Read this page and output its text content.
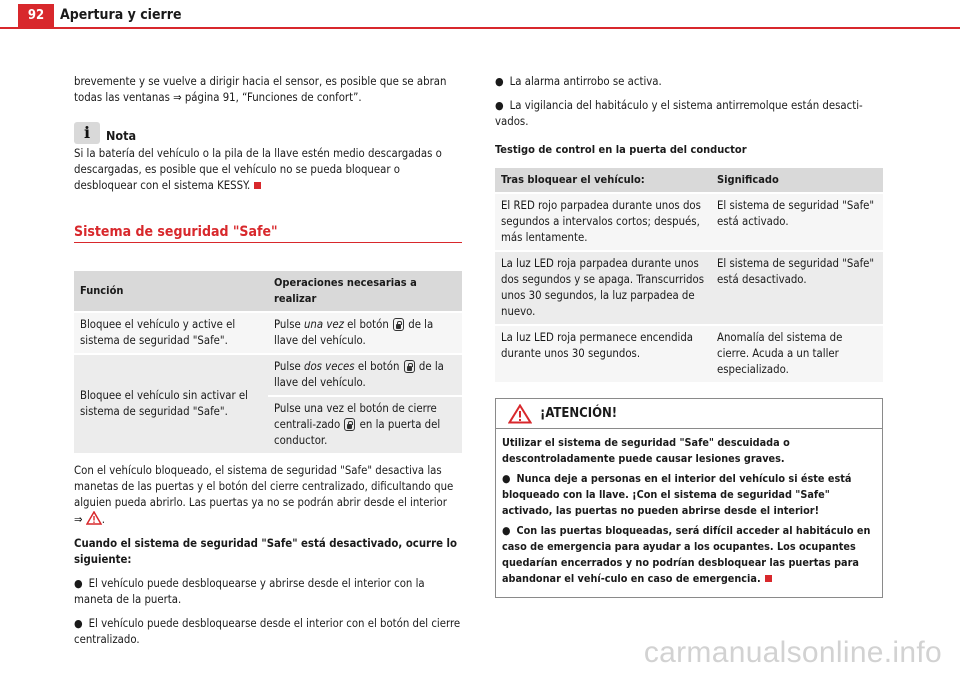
92	Apertura y cierre

brevemente y se vuelve a dirigir hacia el sensor, es posible que se abran todas las ventanas ⇒ página 91, “Funciones de confort”.

i Nota

Si la batería del vehículo o la pila de la llave estén medio descargadas o descargadas, es posible que el vehículo no se pueda bloquear o desbloquear con el sistema KESSY.

Sistema de seguridad "Safe"
Función	Operaciones necesarias a realizar
Bloquee el vehículo y active el sistema de seguridad "Safe".	Pulse una vez el botón  de la llave del vehículo.
Bloquee el vehículo sin activar el sistema de seguridad "Safe".	Pulse dos veces el botón  de la llave del vehículo.
	Pulse una vez el botón de cierre centrali-zado  en la puerta del conductor.

Con el vehículo bloqueado, el sistema de seguridad "Safe" desactiva las manetas de las puertas y el botón del cierre centralizado, dificultando que alguien pueda abrirlo. Las puertas ya no se podrán abrir desde el interior
⇒ .

Cuando el sistema de seguridad "Safe" está desactivado, ocurre lo siguiente:

● El vehículo puede desbloquearse y abrirse desde el interior con la maneta de la puerta.

● El vehículo puede desbloquearse desde el interior con el botón del cierre centralizado.

● La alarma antirrobo se activa.

● La vigilancia del habitáculo y el sistema antirremolque están desacti-vados.

Testigo de control en la puerta del conductor

Tras bloquear el vehículo:	Significado
El RED rojo parpadea durante unos dos segundos a intervalos cortos; después, más lentamente.	El sistema de seguridad "Safe" está activado.
La luz LED roja parpadea durante unos dos segundos y se apaga. Transcurridos unos 30 segundos, la luz parpadea de nuevo.	El sistema de seguridad "Safe" está desactivado.
La luz LED roja permanece encendida durante unos 30 segundos.	Anomalía del sistema de cierre. Acuda a un taller especializado.
¡ATENCIÓN!

Utilizar el sistema de seguridad "Safe" descuidada o descontroladamente puede causar lesiones graves.

● Nunca deje a personas en el interior del vehículo si éste está bloqueado con la llave. ¡Con el sistema de seguridad "Safe" activado, las puertas no pueden abrirse desde el interior!

● Con las puertas bloqueadas, será difícil acceder al habitáculo en caso de emergencia para ayudar a los ocupantes. Los ocupantes quedarían encerrados y no podrían desbloquear las puertas para abandonar el vehí-culo en caso de emergencia.

carmanualsonline.info
